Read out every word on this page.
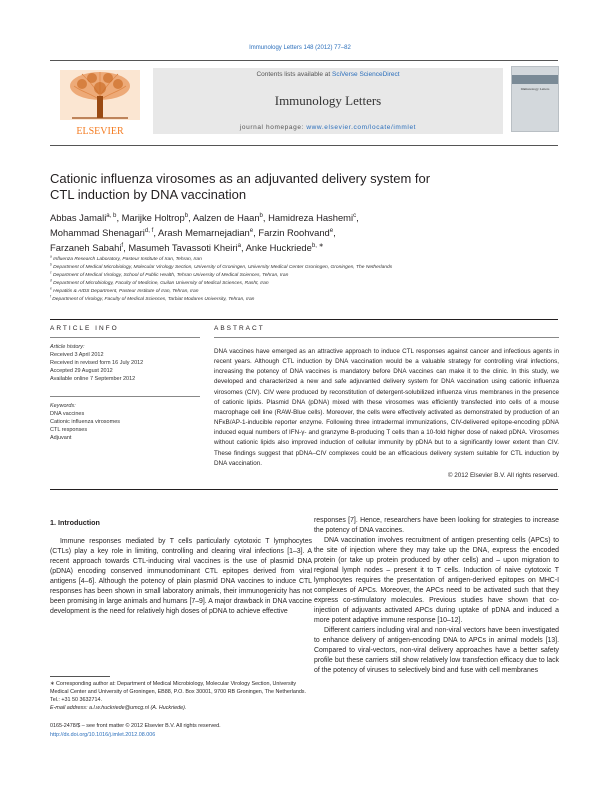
Immunology Letters 148 (2012) 77–82
ELSEVIER
Contents lists available at SciVerse ScienceDirect
Immunology Letters
journal homepage: www.elsevier.com/locate/immlet
Immunology Letters
Cationic influenza virosomes as an adjuvanted delivery system for
CTL induction by DNA vaccination
Abbas Jamali$^{a, b}$, Marijke Holtrop$^b$, Aalzen de Haan$^b$, Hamidreza Hashemi$^c$,
Mohammad Shenagari$^{d, f}$, Arash Memarnejadian$^e$, Farzin Roohvand$^e$,
Farzaneh Sabahi$^f$, Masumeh Tavassoti Kheiri$^a$, Anke Huckriede$^{b, ∗}$
$^a$ Influenza Research Laboratory, Pasteur Institute of Iran, Tehran, Iran
$^b$ Department of Medical Microbiology, Molecular Virology Section, University of Groningen, University Medical Center Groningen, Groningen, The Netherlands
$^c$ Department of Medical Virology, School of Public Health, Tehran University of Medical Sciences, Tehran, Iran
$^d$ Department of Microbiology, Faculty of Medicine, Guilan University of Medical Sciences, Rasht, Iran
$^e$ Hepatitis & AIDS Department, Pasteur Institute of Iran, Tehran, Iran
$^f$ Department of Virology, Faculty of Medical Sciences, Tarbiat Modares University, Tehran, Iran
ARTICLE INFO
Article history:
Received 3 April 2012
Received in revised form 16 July 2012
Accepted 29 August 2012
Available online 7 September 2012
Keywords:
DNA vaccines
Cationic influenza virosomes
CTL responses
Adjuvant
ABSTRACT
DNA vaccines have emerged as an attractive approach to induce CTL responses against cancer and infectious agents in recent years. Although CTL induction by DNA vaccination would be a valuable strategy for controlling viral infections, increasing the potency of DNA vaccines is mandatory before DNA vaccines can make it to the clinic. In this study, we developed and characterized a new and safe adjuvanted delivery system for DNA vaccination using cationic influenza virosomes (CIV). CIV were produced by reconstitution of detergent-solubilized influenza virus membranes in the presence of cationic lipids. Plasmid DNA (pDNA) mixed with these virosomes was efficiently transfected into cells of a mouse macrophage cell line (RAW-Blue cells). Moreover, the cells were effectively activated as demonstrated by production of an NFκB/AP-1-inducible reporter enzyme. Following three intradermal immunizations, CIV-delivered epitope-encoding pDNA induced equal numbers of IFN-γ- and granzyme B-producing T cells than a 10-fold higher dose of naked pDNA. Virosomes without cationic lipids also improved induction of cellular immunity by pDNA but to a significantly lower extent than CIV. These findings suggest that pDNA–CIV complexes could be an efficacious delivery system suitable for CTL induction by DNA vaccination.
© 2012 Elsevier B.V. All rights reserved.
1. Introduction

Immune responses mediated by T cells particularly cytotoxic T lymphocytes (CTLs) play a key role in limiting, controlling and clearing viral infections [1–3]. A recent approach towards CTL-inducing viral vaccines is the use of plasmid DNA (pDNA) encoding conserved immunodominant CTL epitopes derived from viral antigens [4–6]. Although the potency of plain plasmid DNA vaccines to induce CTL responses has been shown in small laboratory animals, their immunogenicity has not been promising in large animals and humans [7–9]. A major drawback in DNA vaccine development is the need for relatively high doses of pDNA to achieve effective

responses [7]. Hence, researchers have been looking for strategies to increase the potency of DNA vaccines.

DNA vaccination involves recruitment of antigen presenting cells (APCs) to the site of injection where they may take up the DNA, express the encoded protein (or take up protein produced by other cells) and – upon migration to regional lymph nodes – present it to T cells. Induction of naive cytotoxic T lymphocytes requires the presentation of antigen-derived epitopes on MHC-I complexes of APCs. Moreover, the APCs need to be activated such that they express co-stimulatory molecules. Previous studies have shown that co-injection of adjuvants activated APCs during uptake of pDNA and induced a more potent adaptive immune response [10–12].

Different carriers including viral and non-viral vectors have been investigated to enhance delivery of antigen-encoding DNA to APCs in animal models [13]. Compared to viral-vectors, non-viral delivery approaches have a better safety profile but these carriers still show relatively low transfection efficacy due to lack of the potency of viruses to selectively bind and fuse with cell membranes

∗ Corresponding author at: Department of Medical Microbiology, Molecular Virology Section, University Medical Center and University of Groningen, EB88, P.O. Box 30001, 9700 RB Groningen, The Netherlands. Tel.: +31 50 3632714.
E-mail address: a.l.w.huckriede@umcg.nl (A. Huckriede).
0165-2478/$ – see front matter © 2012 Elsevier B.V. All rights reserved.
http://dx.doi.org/10.1016/j.imlet.2012.08.006
